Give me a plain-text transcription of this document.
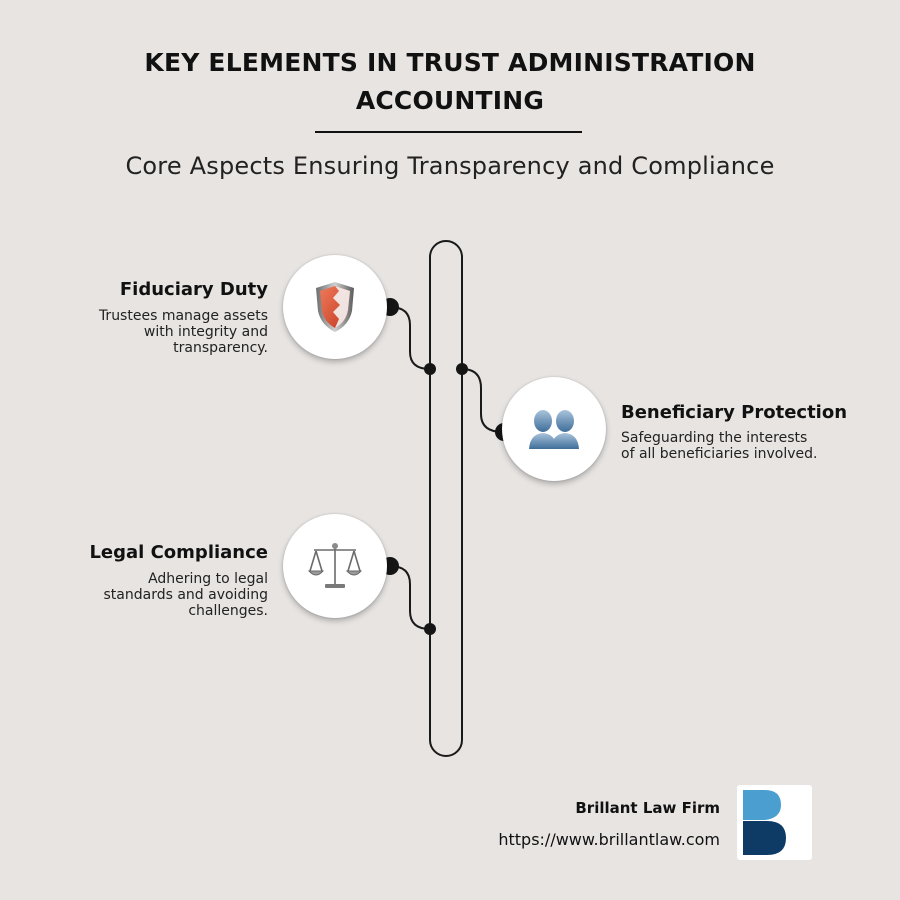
KEY ELEMENTS IN TRUST ADMINISTRATION
ACCOUNTING
Core Aspects Ensuring Transparency and Compliance
Fiduciary Duty
Trustees manage assets
with integrity and
transparency.
Beneficiary Protection
Safeguarding the interests
of all beneficiaries involved.
Legal Compliance
Adhering to legal
standards and avoiding
challenges.
Brillant Law Firm
https://www.brillantlaw.com
